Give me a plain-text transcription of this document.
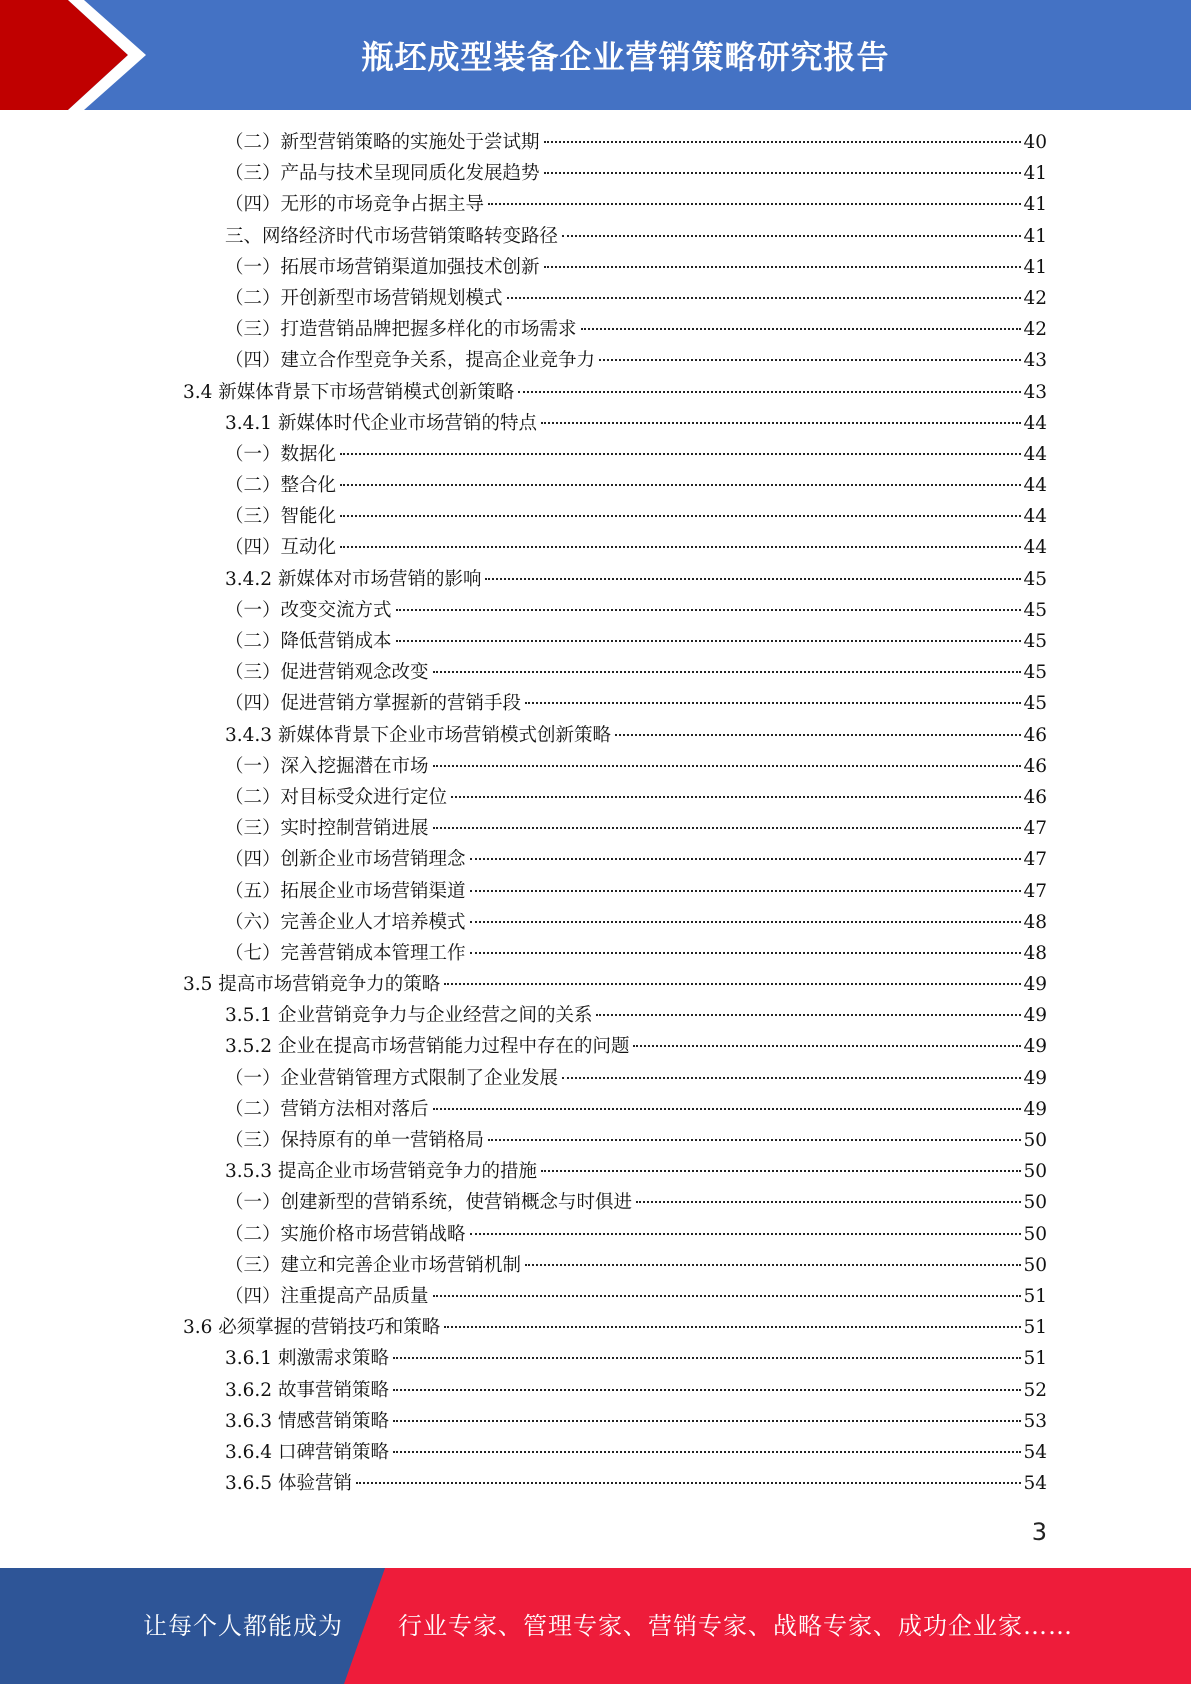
瓶坯成型装备企业营销策略研究报告
（二）新型营销策略的实施处于尝试期	40
（三）产品与技术呈现同质化发展趋势	41
（四）无形的市场竞争占据主导	41
三、网络经济时代市场营销策略转变路径	41
（一）拓展市场营销渠道加强技术创新	41
（二）开创新型市场营销规划模式	42
（三）打造营销品牌把握多样化的市场需求	42
（四）建立合作型竞争关系，提高企业竞争力	43
3.4 新媒体背景下市场营销模式创新策略	43
3.4.1 新媒体时代企业市场营销的特点	44
（一）数据化	44
（二）整合化	44
（三）智能化	44
（四）互动化	44
3.4.2 新媒体对市场营销的影响	45
（一）改变交流方式	45
（二）降低营销成本	45
（三）促进营销观念改变	45
（四）促进营销方掌握新的营销手段	45
3.4.3 新媒体背景下企业市场营销模式创新策略	46
（一）深入挖掘潜在市场	46
（二）对目标受众进行定位	46
（三）实时控制营销进展	47
（四）创新企业市场营销理念	47
（五）拓展企业市场营销渠道	47
（六）完善企业人才培养模式	48
（七）完善营销成本管理工作	48
3.5 提高市场营销竞争力的策略	49
3.5.1 企业营销竞争力与企业经营之间的关系	49
3.5.2 企业在提高市场营销能力过程中存在的问题	49
（一）企业营销管理方式限制了企业发展	49
（二）营销方法相对落后	49
（三）保持原有的单一营销格局	50
3.5.3 提高企业市场营销竞争力的措施	50
（一）创建新型的营销系统，使营销概念与时俱进	50
（二）实施价格市场营销战略	50
（三）建立和完善企业市场营销机制	50
（四）注重提高产品质量	51
3.6 必须掌握的营销技巧和策略	51
3.6.1 刺激需求策略	51
3.6.2 故事营销策略	52
3.6.3 情感营销策略	53
3.6.4 口碑营销策略	54
3.6.5 体验营销	54
3
让每个人都能成为 行业专家、管理专家、营销专家、战略专家、成功企业家……
